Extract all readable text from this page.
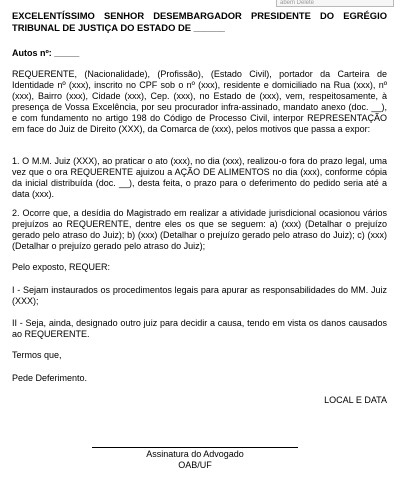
abem Delete
EXCELENTÍSSIMO SENHOR DESEMBARGADOR PRESIDENTE DO EGRÉGIO TRIBUNAL DE JUSTIÇA DO ESTADO DE ______
Autos nº: _____
REQUERENTE, (Nacionalidade), (Profissão), (Estado Civil), portador da Carteira de Identidade nº (xxx), inscrito no CPF sob o nº (xxx), residente e domiciliado na Rua (xxx), nº (xxx), Bairro (xxx), Cidade (xxx), Cep. (xxx), no Estado de (xxx), vem, respeitosamente, à presença de Vossa Excelência, por seu procurador infra-assinado, mandato anexo (doc. __), e com fundamento no artigo 198 do Código de Processo Civil, interpor REPRESENTAÇÃO em face do Juiz de Direito (XXX), da Comarca de (xxx), pelos motivos que passa a expor:
1. O M.M. Juiz (XXX), ao praticar o ato (xxx), no dia (xxx), realizou-o fora do prazo legal, uma vez que o ora REQUERENTE ajuizou a AÇÃO DE ALIMENTOS no dia (xxx), conforme cópia da inicial distribuída (doc. __), desta feita, o prazo para o deferimento do pedido seria até a data (xxx).
2. Ocorre que, a desídia do Magistrado em realizar a atividade jurisdicional ocasionou vários prejuízos ao REQUERENTE, dentre eles os que se seguem: a) (xxx) (Detalhar o prejuízo gerado pelo atraso do Juiz); b) (xxx) (Detalhar o prejuízo gerado pelo atraso do Juiz); c) (xxx) (Detalhar o prejuízo gerado pelo atraso do Juiz);
Pelo exposto, REQUER:
I - Sejam instaurados os procedimentos legais para apurar as responsabilidades do MM. Juiz (XXX);
II - Seja, ainda, designado outro juiz para decidir a causa, tendo em vista os danos causados ao REQUERENTE.
Termos que,
Pede Deferimento.
LOCAL E DATA
Assinatura do Advogado
OAB/UF
